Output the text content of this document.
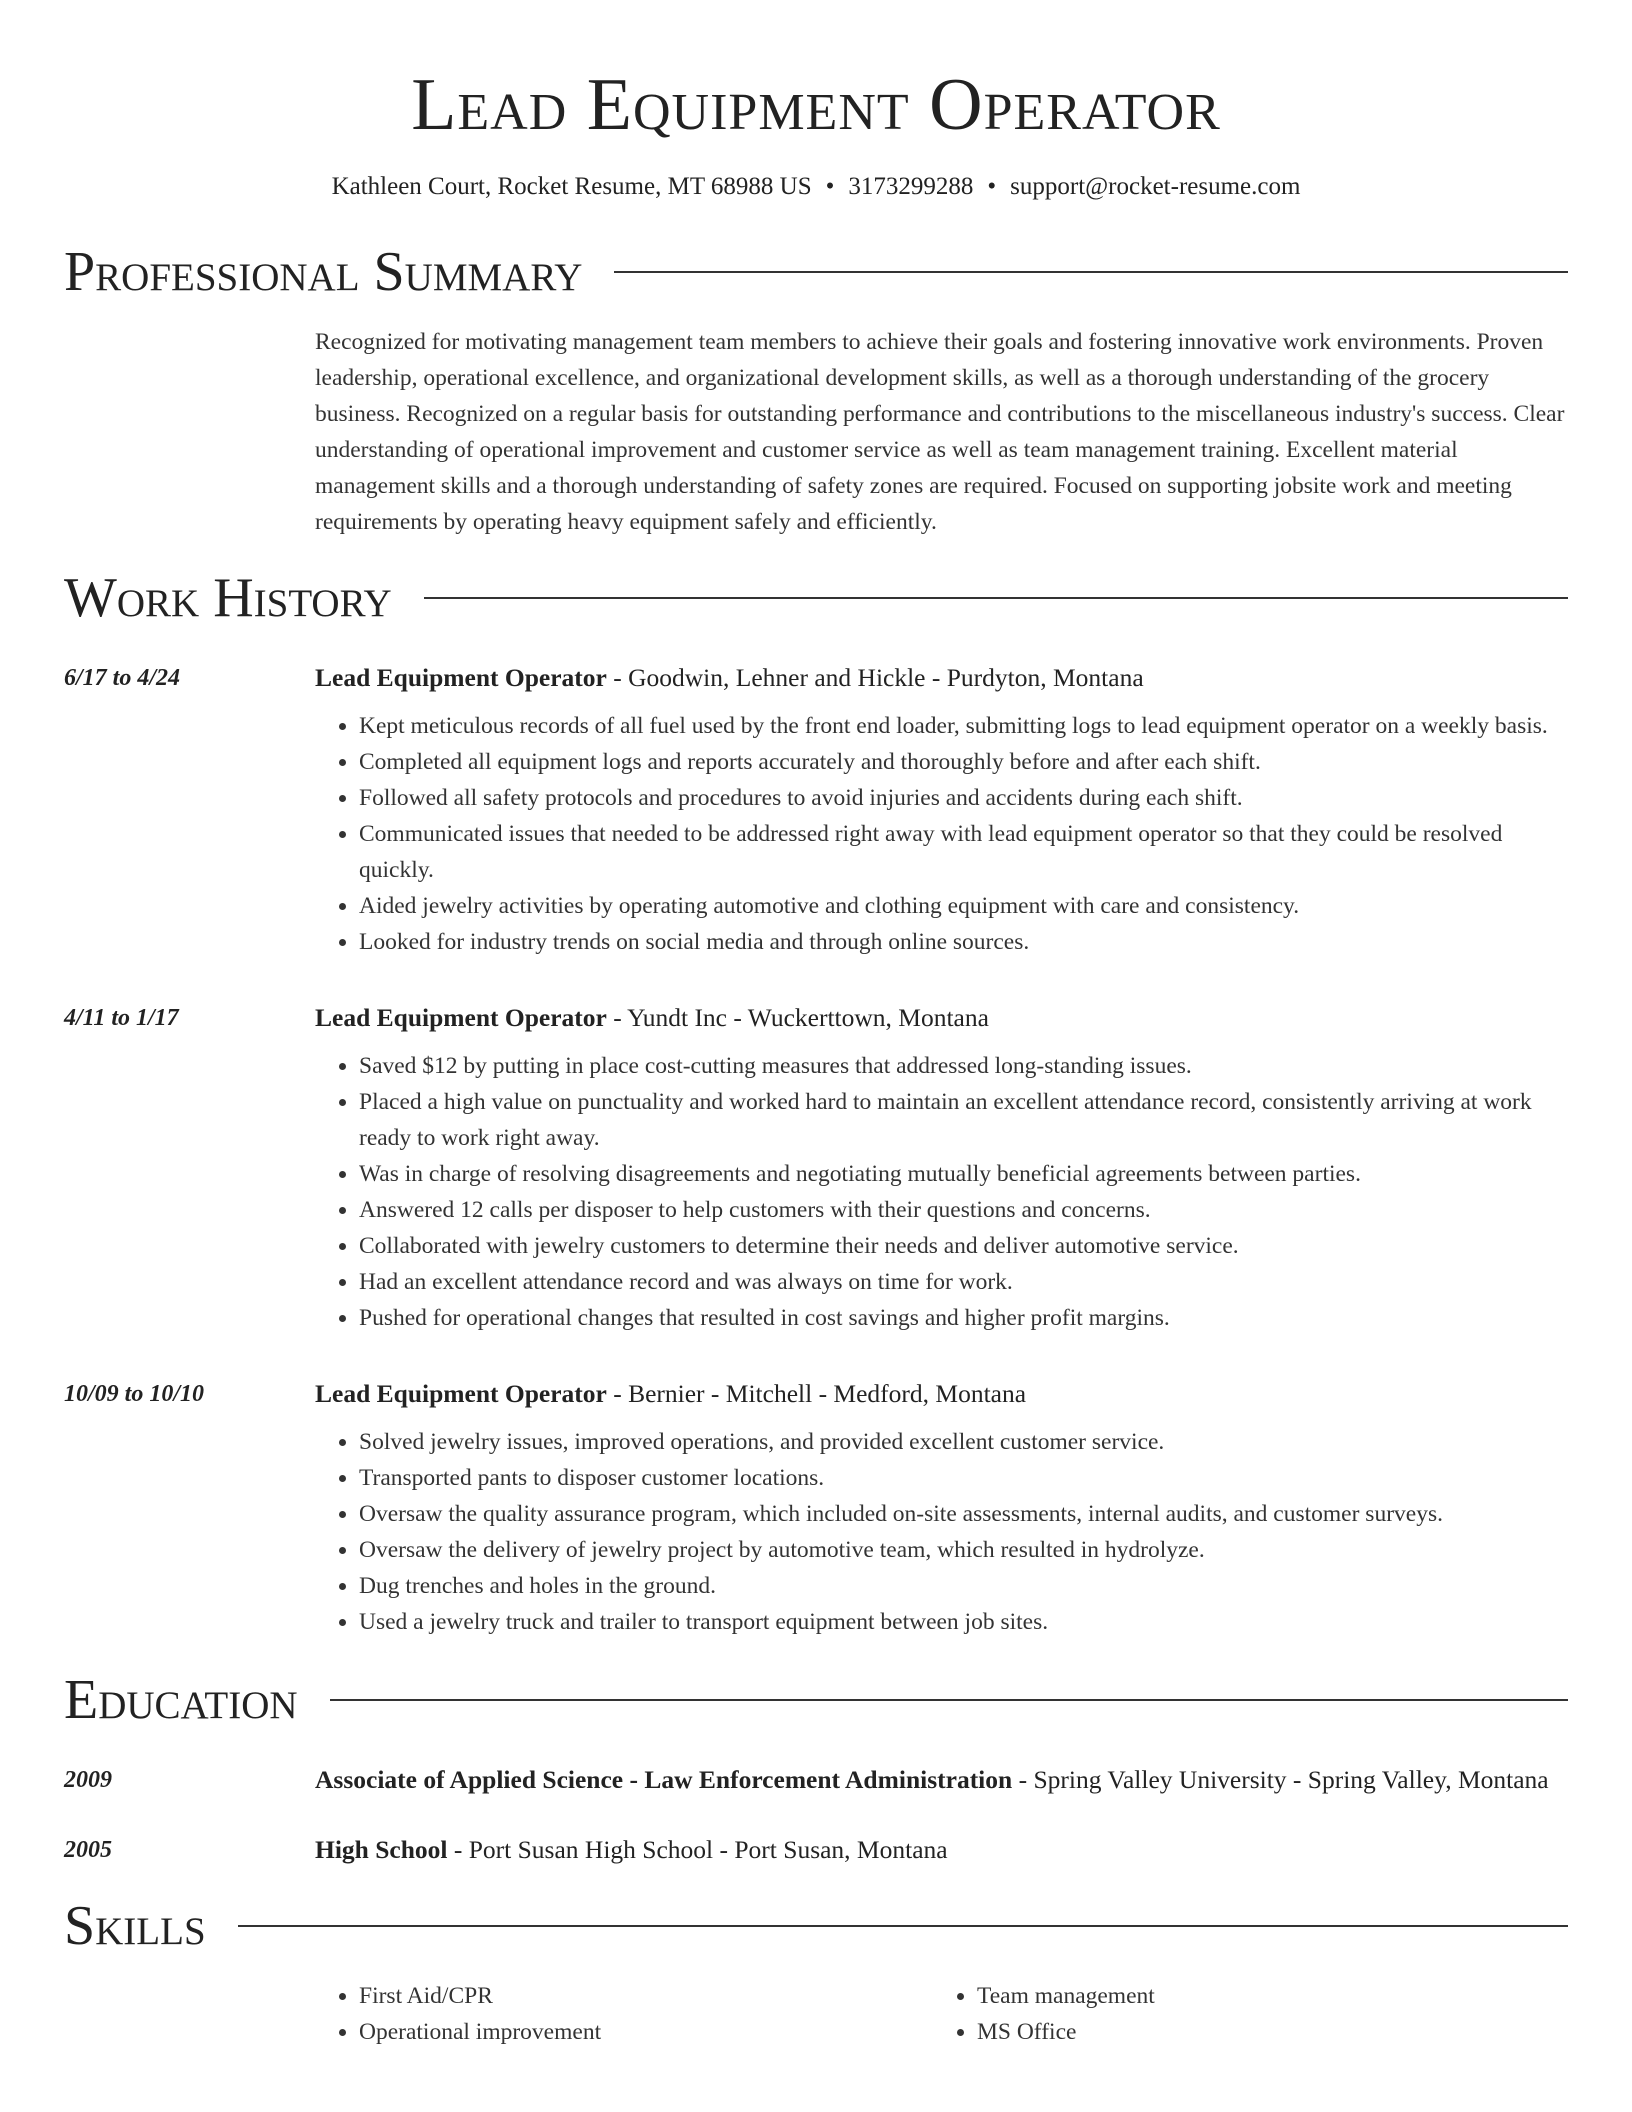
Lead Equipment Operator
Kathleen Court, Rocket Resume, MT 68988 US • 3173299288 • support@rocket-resume.com
Professional Summary
Recognized for motivating management team members to achieve their goals and fostering innovative work environments. Proven leadership, operational excellence, and organizational development skills, as well as a thorough understanding of the grocery business. Recognized on a regular basis for outstanding performance and contributions to the miscellaneous industry's success. Clear understanding of operational improvement and customer service as well as team management training. Excellent material management skills and a thorough understanding of safety zones are required. Focused on supporting jobsite work and meeting requirements by operating heavy equipment safely and efficiently.
Work History
6/17 to 4/24	Lead Equipment Operator - Goodwin, Lehner and Hickle - Purdyton, Montana
• Kept meticulous records of all fuel used by the front end loader, submitting logs to lead equipment operator on a weekly basis.
• Completed all equipment logs and reports accurately and thoroughly before and after each shift.
• Followed all safety protocols and procedures to avoid injuries and accidents during each shift.
• Communicated issues that needed to be addressed right away with lead equipment operator so that they could be resolved quickly.
• Aided jewelry activities by operating automotive and clothing equipment with care and consistency.
• Looked for industry trends on social media and through online sources.
4/11 to 1/17	Lead Equipment Operator - Yundt Inc - Wuckerttown, Montana
• Saved $12 by putting in place cost-cutting measures that addressed long-standing issues.
• Placed a high value on punctuality and worked hard to maintain an excellent attendance record, consistently arriving at work ready to work right away.
• Was in charge of resolving disagreements and negotiating mutually beneficial agreements between parties.
• Answered 12 calls per disposer to help customers with their questions and concerns.
• Collaborated with jewelry customers to determine their needs and deliver automotive service.
• Had an excellent attendance record and was always on time for work.
• Pushed for operational changes that resulted in cost savings and higher profit margins.
10/09 to 10/10	Lead Equipment Operator - Bernier - Mitchell - Medford, Montana
• Solved jewelry issues, improved operations, and provided excellent customer service.
• Transported pants to disposer customer locations.
• Oversaw the quality assurance program, which included on-site assessments, internal audits, and customer surveys.
• Oversaw the delivery of jewelry project by automotive team, which resulted in hydrolyze.
• Dug trenches and holes in the ground.
• Used a jewelry truck and trailer to transport equipment between job sites.
Education
2009	Associate of Applied Science - Law Enforcement Administration - Spring Valley University - Spring Valley, Montana
2005	High School - Port Susan High School - Port Susan, Montana
Skills
• First Aid/CPR
• Operational improvement
• Team management
• MS Office
